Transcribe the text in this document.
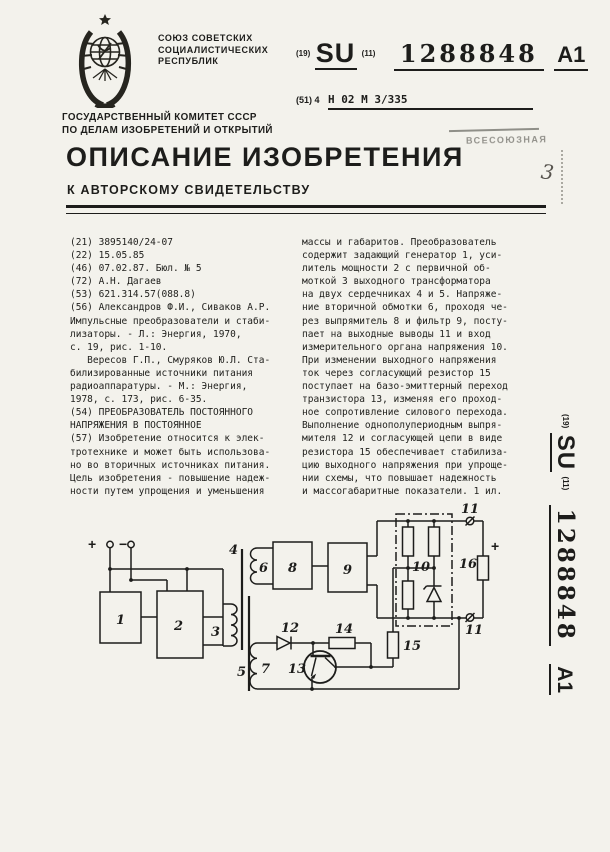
СОЮЗ СОВЕТСКИХ
СОЦИАЛИСТИЧЕСКИХ
РЕСПУБЛИК
ГОСУДАРСТВЕННЫЙ КОМИТЕТ СССР
ПО ДЕЛАМ ИЗОБРЕТЕНИЙ И ОТКРЫТИЙ
$^{(19)}$ SU $^{(11)}$ 1288848 A1
(51) 4 H 02 M 3/335
ВСЕСОЮЗНАЯ
3
ОПИСАНИЕ ИЗОБРЕТЕНИЯ
К АВТОРСКОМУ СВИДЕТЕЛЬСТВУ
(21) 3895140/24-07
(22) 15.05.85
(46) 07.02.87. Бюл. № 5
(72) А.Н. Дагаев
(53) 621.314.57(088.8)
(56) Александров Ф.И., Сиваков А.Р.
Импульсные преобразователи и стаби-
лизаторы. - Л.: Энергия, 1970,
с. 19, рис. 1-10.
Вересов Г.П., Смуряков Ю.Л. Ста-
билизированные источники питания
радиоаппаратуры. - М.: Энергия,
1978, с. 173, рис. 6-35.
(54) ПРЕОБРАЗОВАТЕЛЬ ПОСТОЯННОГО
НАПРЯЖЕНИЯ В ПОСТОЯННОЕ
(57) Изобретение относится к элек-
тротехнике и может быть использова-
но во вторичных источниках питания.
Цель изобретения - повышение надеж-
ности путем упрощения и уменьшения
массы и габаритов. Преобразователь
содержит задающий генератор 1, уси-
литель мощности 2 с первичной об-
моткой 3 выходного трансформатора
на двух сердечниках 4 и 5. Напряже-
ние вторичной обмотки 6, проходя че-
рез выпрямитель 8 и фильтр 9, посту-
пает на выходные выводы 11 и вход
измерительного органа напряжения 10.
При изменении выходного напряжения
ток через согласующий резистор 15
поступает на базо-эмиттерный переход
транзистора 13, изменяя его проход-
ное сопротивление силового перехода.
Выполнение однополупериодным выпря-
мителя 12 и согласующей цепи в виде
резистора 15 обеспечивает стабилиза-
цию выходного напряжения при упроще-
нии схемы, что повышает надежность
и массогабаритные показатели. 1 ил.
$^{(19)}$ SU $^{(11)}$ 1288848 A1
+ −
1	2 3
4
5
6
7
8	9	10
11
11
12
13
14
15
16
+
